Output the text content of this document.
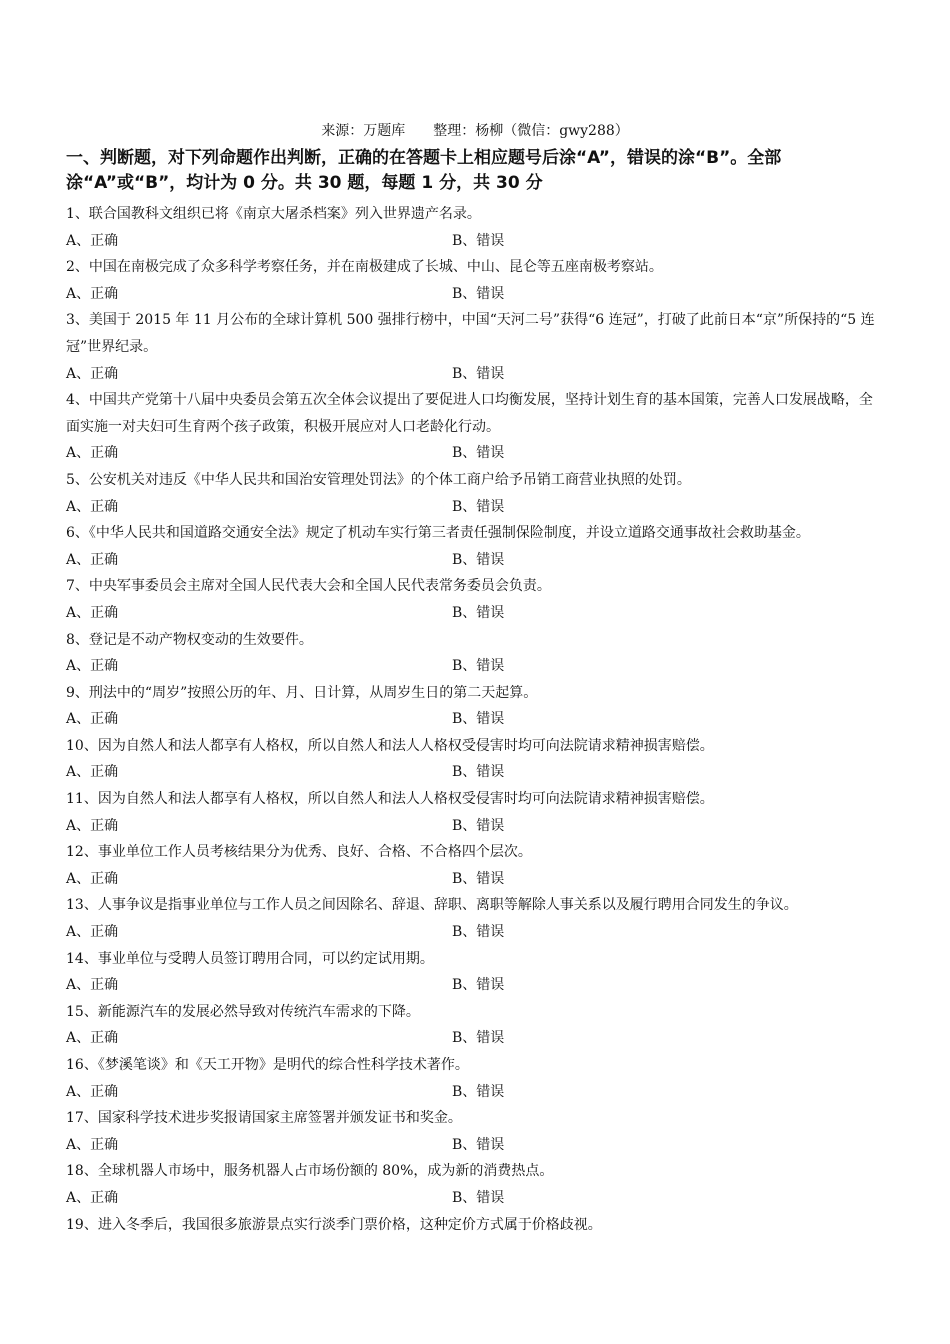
来源：万题库　　整理：杨柳（微信：gwy288）
一、判断题，对下列命题作出判断，正确的在答题卡上相应题号后涂“A”，错误的涂“B”。全部涂“A”或“B”，均计为 0 分。共 30 题，每题 1 分，共 30 分
1、联合国教科文组织已将《南京大屠杀档案》列入世界遗产名录。
A、正确	B、错误
2、中国在南极完成了众多科学考察任务，并在南极建成了长城、中山、昆仑等五座南极考察站。
A、正确	B、错误
3、美国于 2015 年 11 月公布的全球计算机 500 强排行榜中，中国“天河二号”获得“6 连冠”，打破了此前日本“京”所保持的“5 连冠”世界纪录。
A、正确	B、错误
4、中国共产党第十八届中央委员会第五次全体会议提出了要促进人口均衡发展，坚持计划生育的基本国策，完善人口发展战略，全面实施一对夫妇可生育两个孩子政策，积极开展应对人口老龄化行动。
A、正确	B、错误
5、公安机关对违反《中华人民共和国治安管理处罚法》的个体工商户给予吊销工商营业执照的处罚。
A、正确	B、错误
6、《中华人民共和国道路交通安全法》规定了机动车实行第三者责任强制保险制度，并设立道路交通事故社会救助基金。
A、正确	B、错误
7、中央军事委员会主席对全国人民代表大会和全国人民代表常务委员会负责。
A、正确	B、错误
8、登记是不动产物权变动的生效要件。
A、正确	B、错误
9、刑法中的“周岁”按照公历的年、月、日计算，从周岁生日的第二天起算。
A、正确	B、错误
10、因为自然人和法人都享有人格权，所以自然人和法人人格权受侵害时均可向法院请求精神损害赔偿。
A、正确	B、错误
11、因为自然人和法人都享有人格权，所以自然人和法人人格权受侵害时均可向法院请求精神损害赔偿。
A、正确	B、错误
12、事业单位工作人员考核结果分为优秀、良好、合格、不合格四个层次。
A、正确	B、错误
13、人事争议是指事业单位与工作人员之间因除名、辞退、辞职、离职等解除人事关系以及履行聘用合同发生的争议。
A、正确	B、错误
14、事业单位与受聘人员签订聘用合同，可以约定试用期。
A、正确	B、错误
15、新能源汽车的发展必然导致对传统汽车需求的下降。
A、正确	B、错误
16、《梦溪笔谈》和《天工开物》是明代的综合性科学技术著作。
A、正确	B、错误
17、国家科学技术进步奖报请国家主席签署并颁发证书和奖金。
A、正确	B、错误
18、全球机器人市场中，服务机器人占市场份额的 80%，成为新的消费热点。
A、正确	B、错误
19、进入冬季后，我国很多旅游景点实行淡季门票价格，这种定价方式属于价格歧视。
